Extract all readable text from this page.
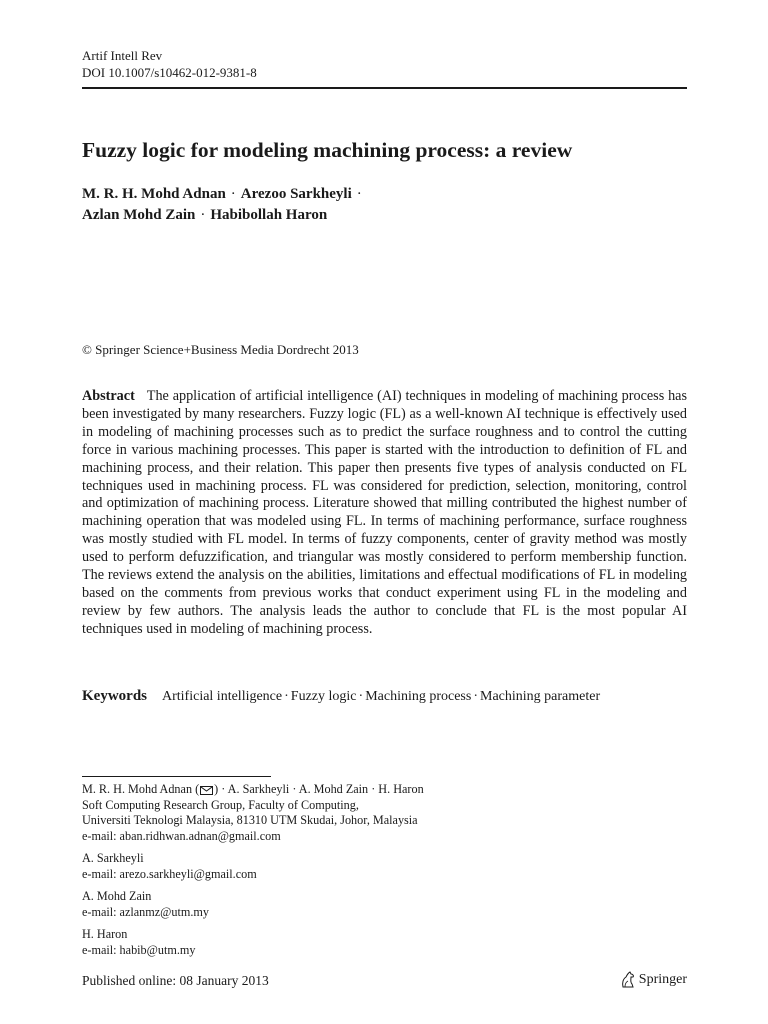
Artif Intell Rev
DOI 10.1007/s10462-012-9381-8
Fuzzy logic for modeling machining process: a review
M. R. H. Mohd Adnan · Arezoo Sarkheyli ·
Azlan Mohd Zain · Habibollah Haron
© Springer Science+Business Media Dordrecht 2013

Abstract The application of artificial intelligence (AI) techniques in modeling of machining process has been investigated by many researchers. Fuzzy logic (FL) as a well-known AI technique is effectively used in modeling of machining processes such as to predict the surface roughness and to control the cutting force in various machining processes. This paper is started with the introduction to definition of FL and machining process, and their relation. This paper then presents five types of analysis conducted on FL techniques used in machining process. FL was considered for prediction, selection, monitoring, control and optimization of machining process. Literature showed that milling contributed the highest number of machining operation that was modeled using FL. In terms of machining performance, surface roughness was mostly studied with FL model. In terms of fuzzy components, center of gravity method was mostly used to perform defuzzification, and triangular was mostly considered to perform membership function. The reviews extend the analysis on the abilities, limitations and effectual modifications of FL in modeling based on the comments from previous works that conduct experiment using FL in the modeling and review by few authors. The analysis leads the author to conclude that FL is the most popular AI techniques used in modeling of machining process.

Keywords Artificial intelligence · Fuzzy logic · Machining process · Machining parameter
M. R. H. Mohd Adnan ( ) · A. Sarkheyli · A. Mohd Zain · H. Haron
Soft Computing Research Group, Faculty of Computing,
Universiti Teknologi Malaysia, 81310 UTM Skudai, Johor, Malaysia
e-mail: aban.ridhwan.adnan@gmail.com
A. Sarkheyli
e-mail: arezo.sarkheyli@gmail.com
A. Mohd Zain
e-mail: azlanmz@utm.my
H. Haron
e-mail: habib@utm.my
Published online: 08 January 2013	Springer
